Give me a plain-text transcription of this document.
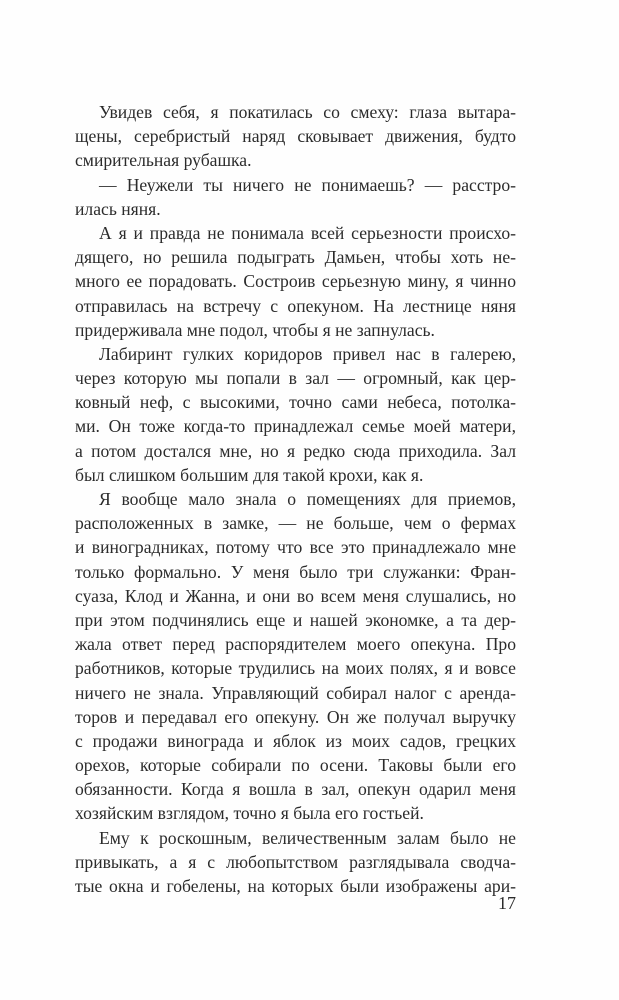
Увидев себя, я покатилась со смеху: глаза вытара-
щены, серебристый наряд сковывает движения, будто
смирительная рубашка.
— Неужели ты ничего не понимаешь? — расстро-
илась няня.
А я и правда не понимала всей серьезности происхо-
дящего, но решила подыграть Дамьен, чтобы хоть не-
много ее порадовать. Состроив серьезную мину, я чинно
отправилась на встречу с опекуном. На лестнице няня
придерживала мне подол, чтобы я не запнулась.
Лабиринт гулких коридоров привел нас в галерею,
через которую мы попали в зал — огромный, как цер-
ковный неф, с высокими, точно сами небеса, потолка-
ми. Он тоже когда-то принадлежал семье моей матери,
а потом достался мне, но я редко сюда приходила. Зал
был слишком большим для такой крохи, как я.
Я вообще мало знала о помещениях для приемов,
расположенных в замке, — не больше, чем о фермах
и виноградниках, потому что все это принадлежало мне
только формально. У меня было три служанки: Фран-
суаза, Клод и Жанна, и они во всем меня слушались, но
при этом подчинялись еще и нашей экономке, а та дер-
жала ответ перед распорядителем моего опекуна. Про
работников, которые трудились на моих полях, я и вовсе
ничего не знала. Управляющий собирал налог с аренда-
торов и передавал его опекуну. Он же получал выручку
с продажи винограда и яблок из моих садов, грецких
орехов, которые собирали по осени. Таковы были его
обязанности. Когда я вошла в зал, опекун одарил меня
хозяйским взглядом, точно я была его гостьей.
Ему к роскошным, величественным залам было не
привыкать, а я с любопытством разглядывала сводча-
тые окна и гобелены, на которых были изображены ари-
17
